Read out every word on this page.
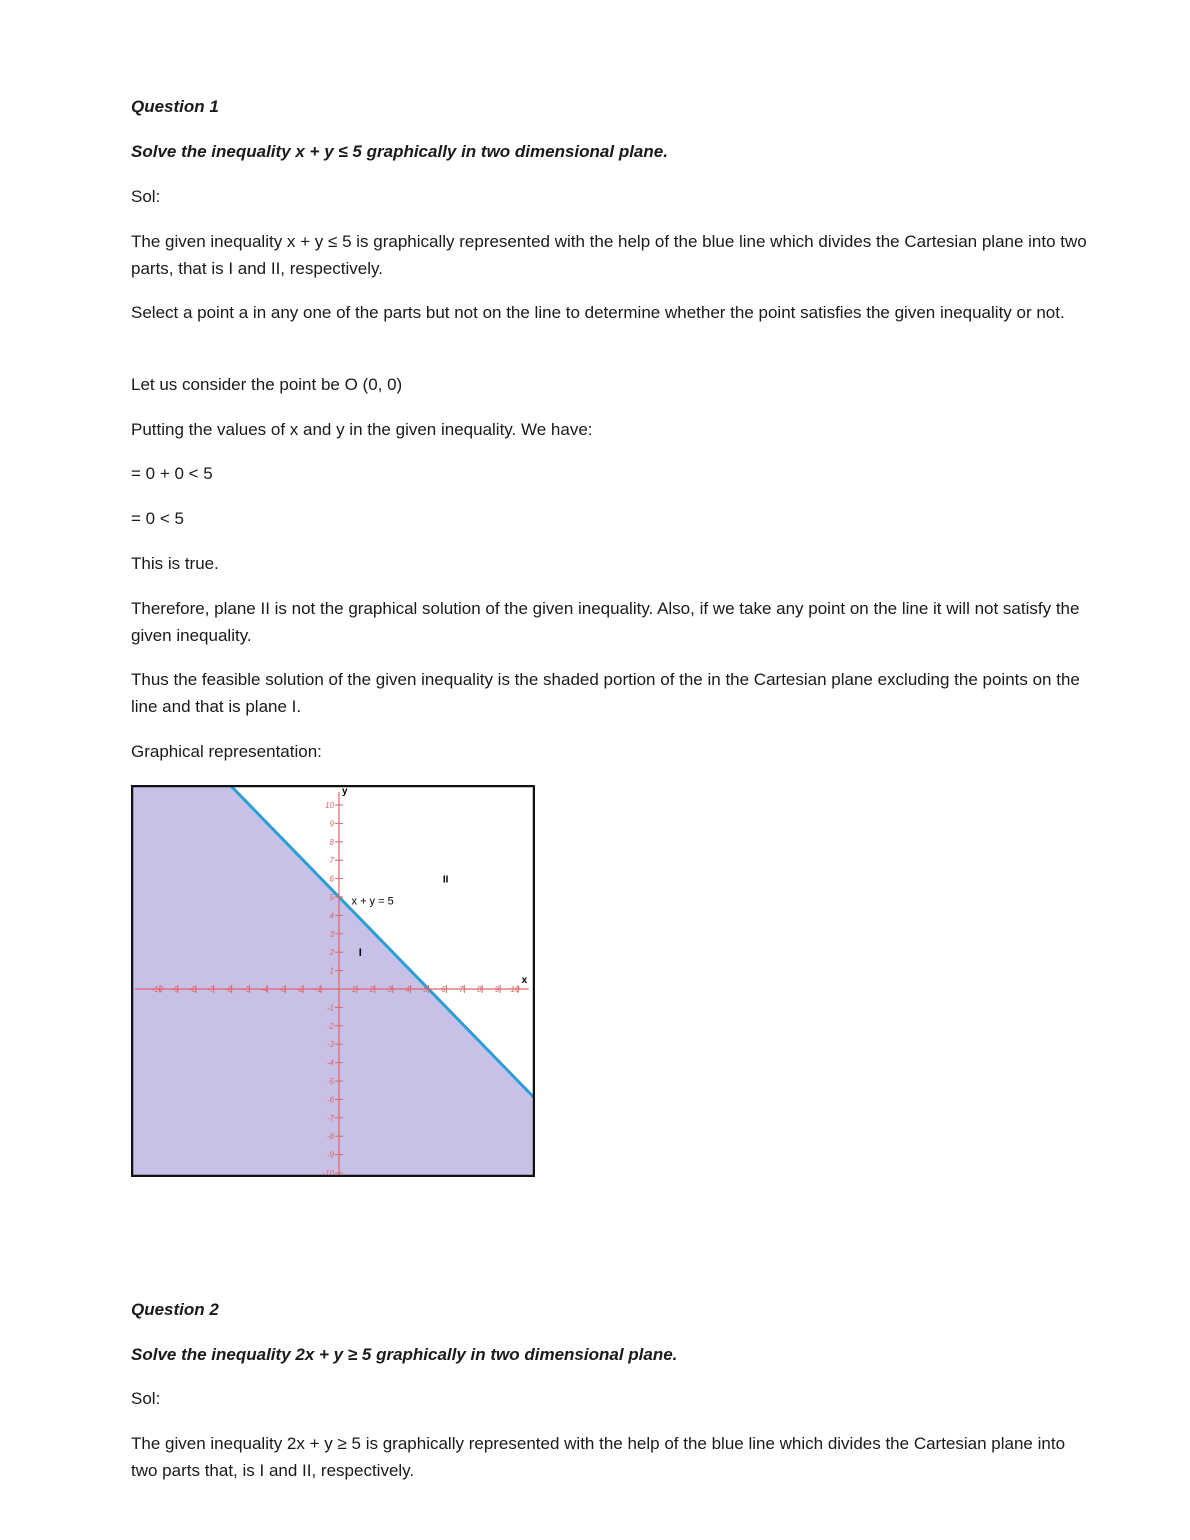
Question 1

Solve the inequality x + y ≤ 5 graphically in two dimensional plane.

Sol:

The given inequality x + y ≤ 5 is graphically represented with the help of the blue line which divides the Cartesian plane into two parts, that is I and II, respectively.

Select a point a in any one of the parts but not on the line to determine whether the point satisfies the given inequality or not.

Let us consider the point be O (0, 0)

Putting the values of x and y in the given inequality. We have:

= 0 + 0 < 5

= 0 < 5

This is true.

Therefore, plane II is not the graphical solution of the given inequality. Also, if we take any point on the line it will not satisfy the given inequality.

Thus the feasible solution of the given inequality is the shaded portion of the in the Cartesian plane excluding the points on the line and that is plane I.

Graphical representation:

Question 2

Solve the inequality 2x + y ≥ 5 graphically in two dimensional plane.

Sol:

The given inequality 2x + y ≥ 5 is graphically represented with the help of the blue line which divides the Cartesian plane into two parts that, is I and II, respectively.

-10 -9 -8 -7 -6 -5 -4 -3 -2 -1	1 2 3 4 5 6 7 8 9 10
10
9
8
7
6
5
4
3
2
1
-1
-2
-3
-4
-5
-6
-7
-8
-9
-10
x
y
x + y = 5
I
II
